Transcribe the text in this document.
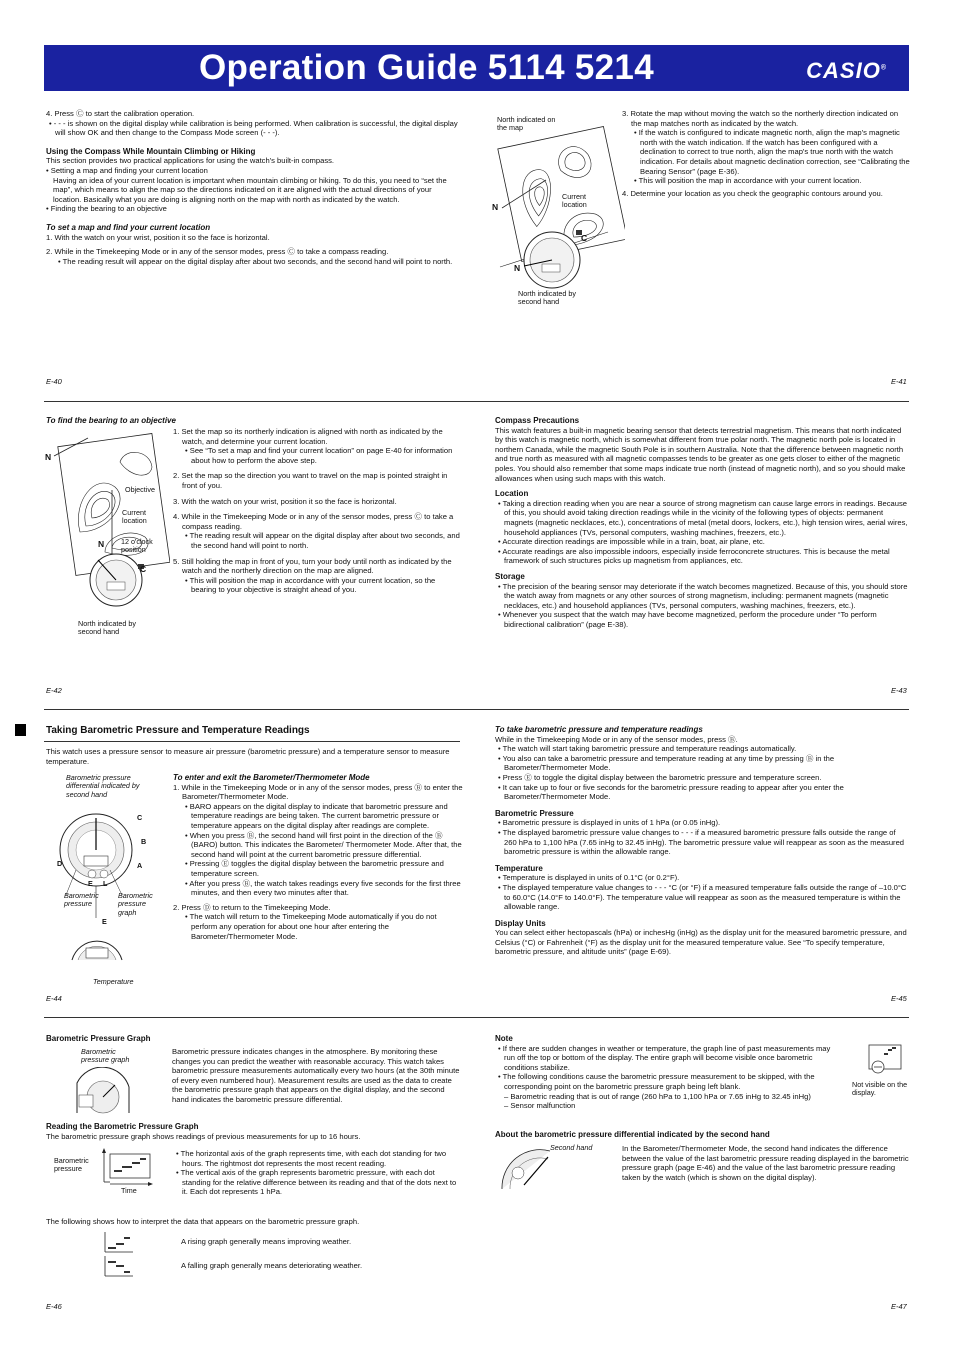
Operation Guide 5114 5214	CASIO®

4. Press Ⓒ to start the calibration operation.

• - - - is shown on the digital display while calibration is being performed. When calibration is successful, the digital display will show OK and then change to the Compass Mode screen (- - -).

Using the Compass While Mountain Climbing or Hiking

This section provides two practical applications for using the watch's built-in compass.

• Setting a map and finding your current location

Having an idea of your current location is important when mountain climbing or hiking. To do this, you need to “set the map”, which means to align the map so the directions indicated on it are aligned with the actual directions of your location. Basically what you are doing is aligning north on the map with north as indicated by the watch.

• Finding the bearing to an objective

To set a map and find your current location

1. With the watch on your wrist, position it so the face is horizontal.

2. While in the Timekeeping Mode or in any of the sensor modes, press Ⓒ to take a compass reading.

• The reading result will appear on the digital display after about two seconds, and the second hand will point to north.

E-40
North indicated on the map
Current location
N
N
C
North indicated by second hand

3. Rotate the map without moving the watch so the northerly direction indicated on the map matches north as indicated by the watch.

• If the watch is configured to indicate magnetic north, align the map's magnetic north with the watch indication. If the watch has been configured with a declination to correct to true north, align the map's true north with the watch indication. For details about magnetic declination correction, see “Calibrating the Bearing Sensor” (page E-36).

• This will position the map in accordance with your current location.

4. Determine your location as you check the geographic contours around you.

E-41

To find the bearing to an objective

N
N
C
Objective
Current location
12 o'clock position
North indicated by second hand

1. Set the map so its northerly indication is aligned with north as indicated by the watch, and determine your current location.

• See “To set a map and find your current location” on page E-40 for information about how to perform the above step.

2. Set the map so the direction you want to travel on the map is pointed straight in front of you.

3. With the watch on your wrist, position it so the face is horizontal.

4. While in the Timekeeping Mode or in any of the sensor modes, press Ⓒ to take a compass reading.

• The reading result will appear on the digital display after about two seconds, and the second hand will point to north.

5. Still holding the map in front of you, turn your body until north as indicated by the watch and the northerly direction on the map are aligned.

• This will position the map in accordance with your current location, so the bearing to your objective is straight ahead of you.

E-42

Compass Precautions

This watch features a built-in magnetic bearing sensor that detects terrestrial magnetism. This means that north indicated by this watch is magnetic north, which is somewhat different from true polar north. The magnetic north pole is located in northern Canada, while the magnetic South Pole is in southern Australia. Note that the difference between magnetic north and true north as measured with all magnetic compasses tends to be greater as one gets closer to either of the magnetic poles. You should also remember that some maps indicate true north (instead of magnetic north), and so you should make allowances when using such maps with this watch.

Location

• Taking a direction reading when you are near a source of strong magnetism can cause large errors in readings. Because of this, you should avoid taking direction readings while in the vicinity of the following types of objects: permanent magnets (magnetic necklaces, etc.), concentrations of metal (metal doors, lockers, etc.), high tension wires, aerial wires, household appliances (TVs, personal computers, washing machines, freezers, etc.).

• Accurate direction readings are impossible while in a train, boat, air plane, etc.

• Accurate readings are also impossible indoors, especially inside ferroconcrete structures. This is because the metal framework of such structures picks up magnetism from appliances, etc.

Storage

• The precision of the bearing sensor may deteriorate if the watch becomes magnetized. Because of this, you should store the watch away from magnets or any other sources of strong magnetism, including: permanent magnets (magnetic necklaces, etc.) and household appliances (TVs, personal computers, washing machines, freezers, etc.).

• Whenever you suspect that the watch may have become magnetized, perform the procedure under “To perform bidirectional calibration” (page E-38).

E-43
Taking Barometric Pressure and Temperature Readings

This watch uses a pressure sensor to measure air pressure (barometric pressure) and a temperature sensor to measure temperature.

Barometric pressure differential indicated by second hand
C
B
A
D
E L
Barometric pressure
Barometric pressure graph
E
Temperature

To enter and exit the Barometer/Thermometer Mode

1. While in the Timekeeping Mode or in any of the sensor modes, press Ⓑ to enter the Barometer/Thermometer Mode.

• BARO appears on the digital display to indicate that barometric pressure and temperature readings are being taken. The current barometric pressure or temperature appears on the digital display after readings are complete.

• When you press Ⓑ, the second hand will first point in the direction of the Ⓑ (BARO) button. This indicates the Barometer/ Thermometer Mode. After that, the second hand will point at the current barometric pressure differential.

• Pressing Ⓔ toggles the digital display between the barometric pressure and temperature screen.

• After you press Ⓑ, the watch takes readings every five seconds for the first three minutes, and then every two minutes after that.

2. Press Ⓓ to return to the Timekeeping Mode.

• The watch will return to the Timekeeping Mode automatically if you do not perform any operation for about one hour after entering the Barometer/Thermometer Mode.

E-44

To take barometric pressure and temperature readings

While in the Timekeeping Mode or in any of the sensor modes, press Ⓑ.

• The watch will start taking barometric pressure and temperature readings automatically.

• You also can take a barometric pressure and temperature reading at any time by pressing Ⓑ in the Barometer/Thermometer Mode.

• Press Ⓔ to toggle the digital display between the barometric pressure and temperature screen.

• It can take up to four or five seconds for the barometric pressure reading to appear after you enter the Barometer/Thermometer Mode.

Barometric Pressure

• Barometric pressure is displayed in units of 1 hPa (or 0.05 inHg).

• The displayed barometric pressure value changes to - - - if a measured barometric pressure falls outside the range of 260 hPa to 1,100 hPa (7.65 inHg to 32.45 inHg). The barometric pressure value will reappear as soon as the measured barometric pressure is within the allowable range.

Temperature

• Temperature is displayed in units of 0.1°C (or 0.2°F).

• The displayed temperature value changes to - - - °C (or °F) if a measured temperature falls outside the range of –10.0°C to 60.0°C (14.0°F to 140.0°F). The temperature value will reappear as soon as the measured temperature is within the allowable range.

Display Units

You can select either hectopascals (hPa) or inchesHg (inHg) as the display unit for the measured barometric pressure, and Celsius (°C) or Fahrenheit (°F) as the display unit for the measured temperature value. See “To specify temperature, barometric pressure, and altitude units” (page E-69).

E-45

Barometric Pressure Graph

Barometric pressure graph

Barometric pressure indicates changes in the atmosphere. By monitoring these changes you can predict the weather with reasonable accuracy. This watch takes barometric pressure measurements automatically every two hours (at the 30th minute of every even numbered hour). Measurement results are used as the data to create the barometric pressure graph that appears on the digital display, and the second hand indicates the barometric pressure differential.

Reading the Barometric Pressure Graph

The barometric pressure graph shows readings of previous measurements for up to 16 hours.

Barometric pressure
Time

• The horizontal axis of the graph represents time, with each dot standing for two hours. The rightmost dot represents the most recent reading.

• The vertical axis of the graph represents barometric pressure, with each dot standing for the relative difference between its reading and that of the dots next to it. Each dot represents 1 hPa.

The following shows how to interpret the data that appears on the barometric pressure graph.

A rising graph generally means improving weather.

A falling graph generally means deteriorating weather.

E-46

Note

• If there are sudden changes in weather or temperature, the graph line of past measurements may run off the top or bottom of the display. The entire graph will become visible once barometric conditions stabilize.

• The following conditions cause the barometric pressure measurement to be skipped, with the corresponding point on the barometric pressure graph being left blank.

– Barometric reading that is out of range (260 hPa to 1,100 hPa or 7.65 inHg to 32.45 inHg)

– Sensor malfunction

Not visible on the display.

About the barometric pressure differential indicated by the second hand

Second hand	In the Barometer/Thermometer Mode, the second hand indicates the difference between the value of the last barometric pressure reading displayed in the barometric pressure graph (page E-46) and the value of the last barometric pressure reading taken by the watch (which is shown on the digital display).

E-47
